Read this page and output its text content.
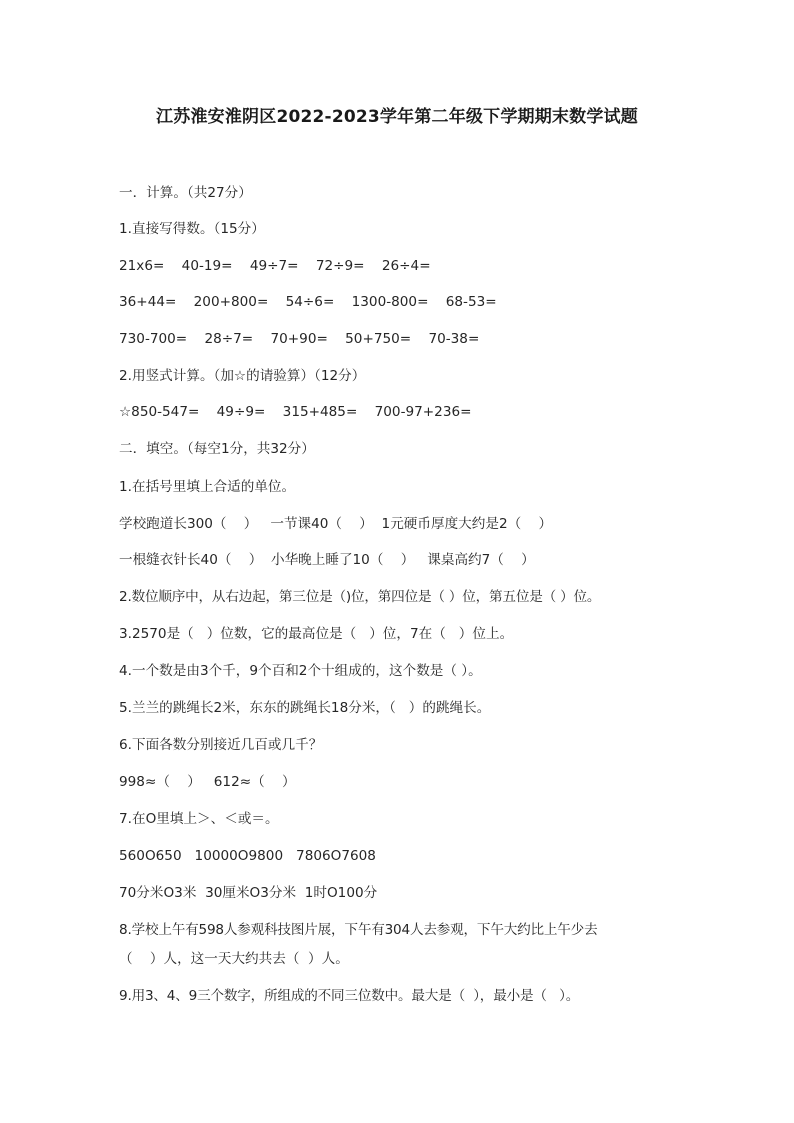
江苏淮安淮阴区2022-2023学年第二年级下学期期末数学试题
一．计算。（共27分）
1.直接写得数。（15分）
21x6=    40-19=    49÷7=    72÷9=    26÷4=
36+44=    200+800=    54÷6=    1300-800=    68-53=
730-700=    28÷7=    70+90=    50+750=    70-38=
2.用竖式计算。（加☆的请验算）（12分）
☆850-547=    49÷9=    315+485=    700-97+236=
二．填空。（每空1分，共32分）
1.在括号里填上合适的单位。
学校跑道长300（    ）   一节课40（    ）  1元硬币厚度大约是2（    ）
一根缝衣针长40（    ）  小华晚上睡了10（    ）   课桌高约7（    ）
2.数位顺序中，从右边起，第三位是（)位，第四位是（ ）位，第五位是（ ）位。
3.2570是（   ）位数，它的最高位是（   ）位，7在（   ）位上。
4.一个数是由3个千，9个百和2个十组成的，这个数是（ ）。
5.兰兰的跳绳长2米，东东的跳绳长18分米，（   ）的跳绳长。
6.下面各数分别接近几百或几千？
998≈（    ）   612≈（    ）
7.在O里填上＞、＜或＝。
560O650   10000O9800   7806O7608
70分米O3米  30厘米O3分米  1时O100分
8.学校上午有598人参观科技图片展，下午有304人去参观，下午大约比上午少去
（    ）人，这一天大约共去（  ）人。
9.用3、4、9三个数字，所组成的不同三位数中。最大是（  ），最小是（   ）。
